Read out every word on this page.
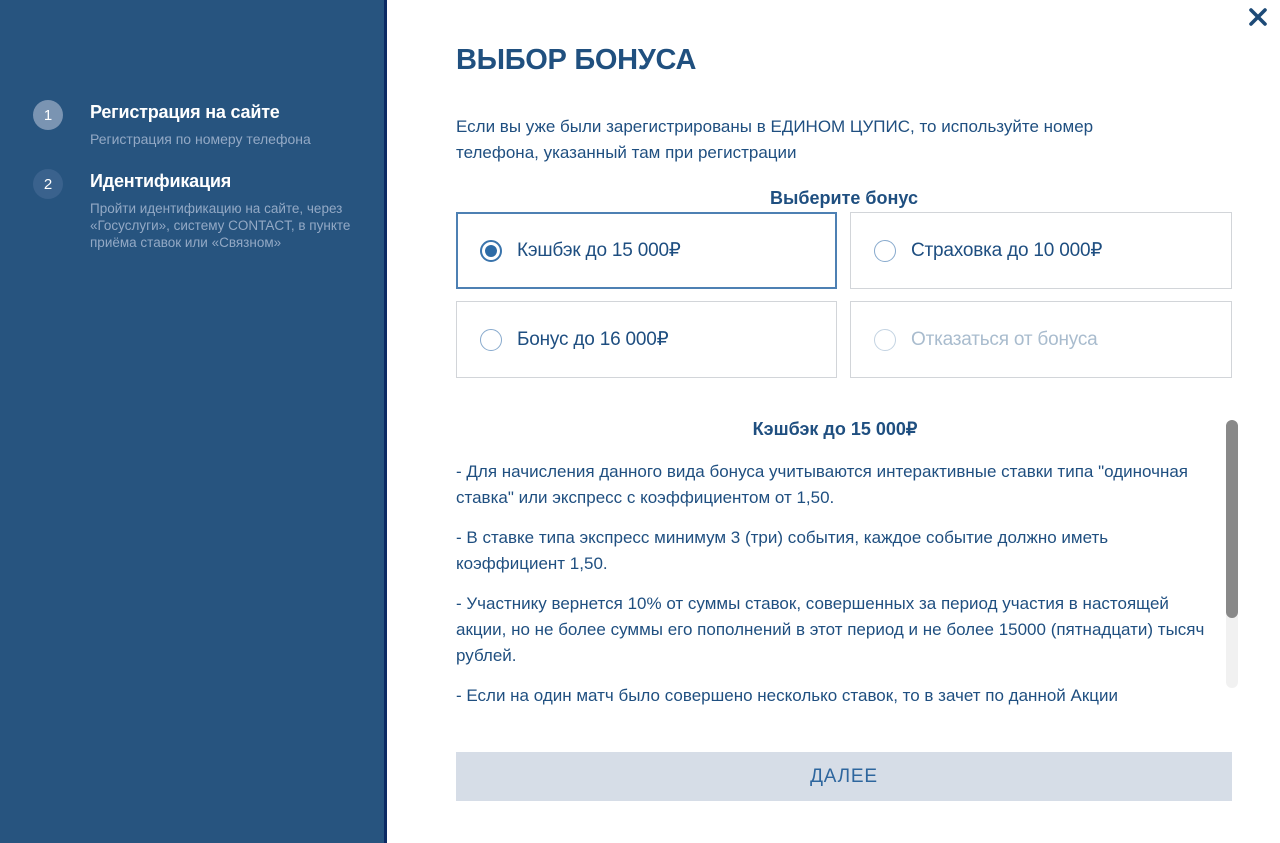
1	Регистрация на сайте
Регистрация по номеру телефона
2	Идентификация
Пройти идентификацию на сайте, через «Госуслуги», систему CONTACT, в пункте приёма ставок или «Связном»
ВЫБОР БОНУСА

Если вы уже были зарегистрированы в ЕДИНОМ ЦУПИС, то используйте номер телефона, указанный там при регистрации

Выберите бонус
Кэшбэк до 15 000₽	Страховка до 10 000₽
Бонус до 16 000₽	Отказаться от бонуса
Кэшбэк до 15 000₽

- Для начисления данного вида бонуса учитываются интерактивные ставки типа "одиночная ставка" или экспресс с коэффициентом от 1,50.

- В ставке типа экспресс минимум 3 (три) события, каждое событие должно иметь коэффициент 1,50.

- Участнику вернется 10% от суммы ставок, совершенных за период участия в настоящей акции, но не более суммы его пополнений в этот период и не более 15000 (пятнадцати) тысяч рублей.

- Если на один матч было совершено несколько ставок, то в зачет по данной Акции

ДАЛЕЕ
